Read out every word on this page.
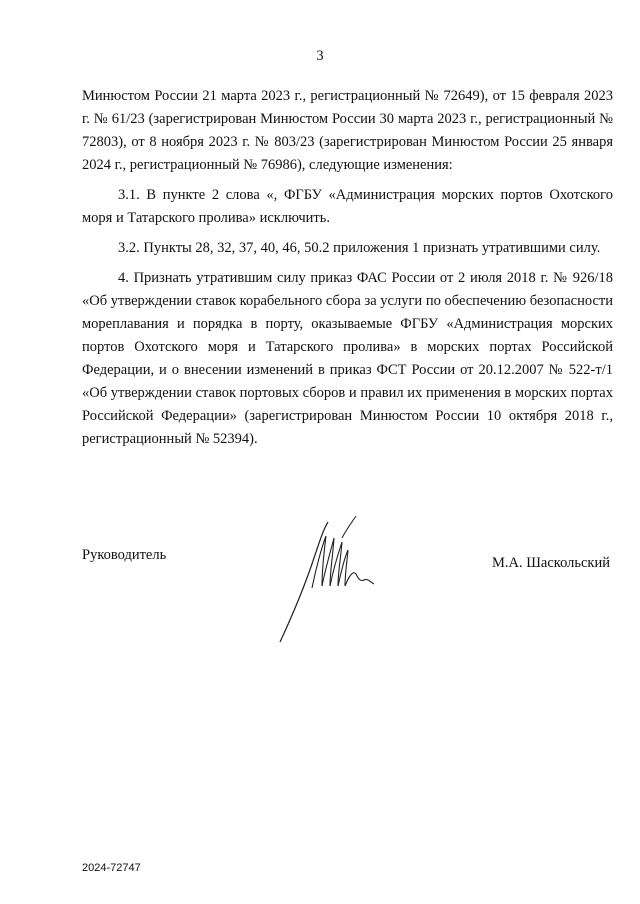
3

Минюстом России 21 марта 2023 г., регистрационный № 72649), от 15 февраля 2023 г. № 61/23 (зарегистрирован Минюстом России 30 марта 2023 г., регистрационный № 72803), от 8 ноября 2023 г. № 803/23 (зарегистрирован Минюстом России 25 января 2024 г., регистрационный № 76986), следующие изменения:

3.1. В пункте 2 слова «, ФГБУ «Администрация морских портов Охотского моря и Татарского пролива» исключить.

3.2. Пункты 28, 32, 37, 40, 46, 50.2 приложения 1 признать утратившими силу.

4. Признать утратившим силу приказ ФАС России от 2 июля 2018 г. № 926/18 «Об утверждении ставок корабельного сбора за услуги по обеспечению безопасности мореплавания и порядка в порту, оказываемые ФГБУ «Администрация морских портов Охотского моря и Татарского пролива» в морских портах Российской Федерации, и о внесении изменений в приказ ФСТ России от 20.12.2007 № 522-т/1 «Об утверждении ставок портовых сборов и правил их применения в морских портах Российской Федерации» (зарегистрирован Минюстом России 10 октября 2018 г., регистрационный № 52394).

Руководитель	М.А. Шаскольский
2024-72747
